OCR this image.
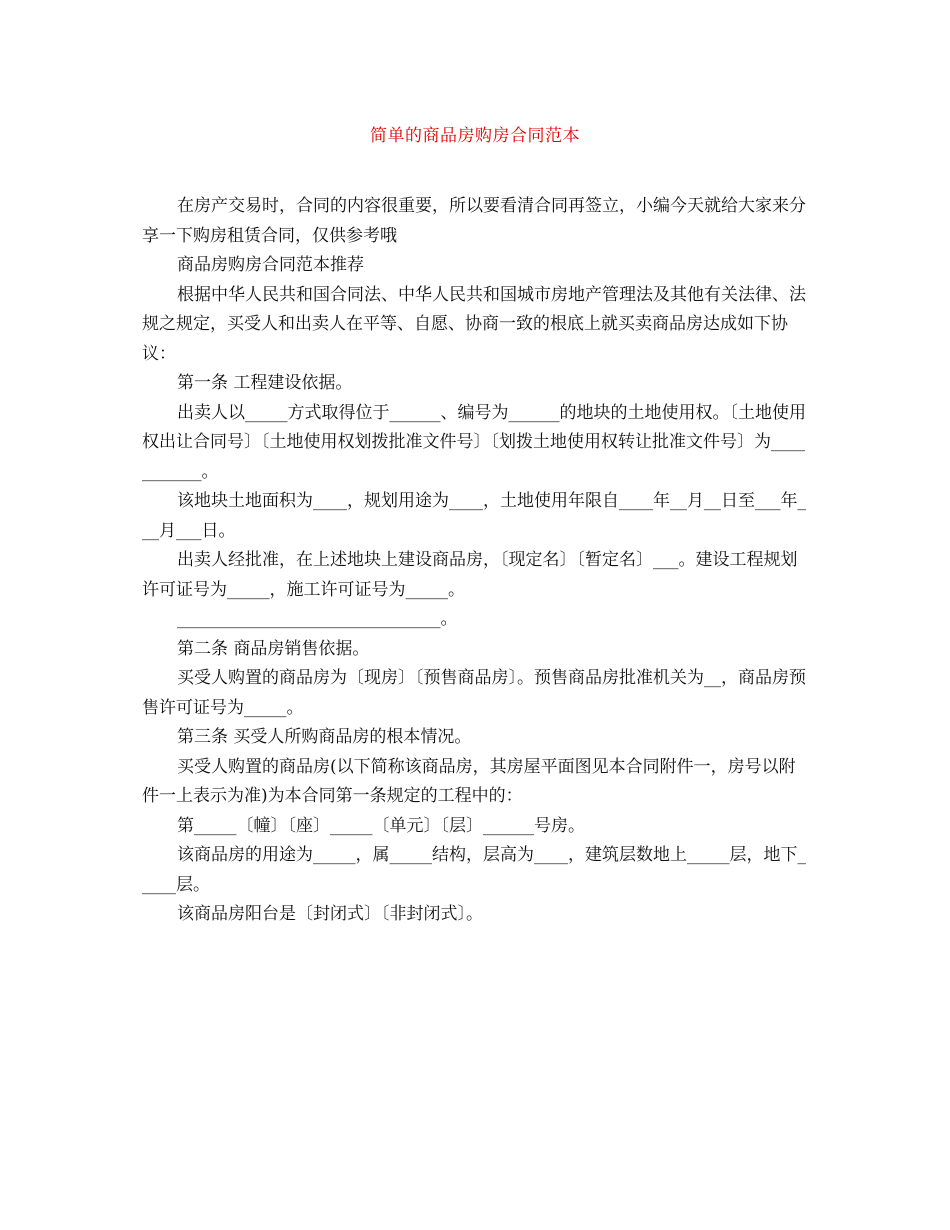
简单的商品房购房合同范本

在房产交易时，合同的内容很重要，所以要看清合同再签立，小编今天就给大家来分享一下购房租赁合同，仅供参考哦

商品房购房合同范本推荐

根据中华人民共和国合同法、中华人民共和国城市房地产管理法及其他有关法律、法规之规定，买受人和出卖人在平等、自愿、协商一致的根底上就买卖商品房达成如下协议：

第一条 工程建设依据。

出卖人以_____方式取得位于______、编号为______的地块的土地使用权。〔土地使用权出让合同号〕〔土地使用权划拨批准文件号〕〔划拨土地使用权转让批准文件号〕为___________。

该地块土地面积为____，规划用途为____，土地使用年限自____年__月__日至___年___月___日。

出卖人经批准，在上述地块上建设商品房，〔现定名〕〔暂定名〕___。建设工程规划许可证号为_____，施工许可证号为_____。

_______________________________。

第二条 商品房销售依据。

买受人购置的商品房为〔现房〕〔预售商品房〕。预售商品房批准机关为__，商品房预售许可证号为_____。

第三条 买受人所购商品房的根本情况。

买受人购置的商品房(以下简称该商品房，其房屋平面图见本合同附件一，房号以附件一上表示为准)为本合同第一条规定的工程中的：

第_____〔幢〕〔座〕_____〔单元〕〔层〕______号房。

该商品房的用途为_____，属_____结构，层高为____，建筑层数地上_____层，地下_____层。

该商品房阳台是〔封闭式〕〔非封闭式〕。
